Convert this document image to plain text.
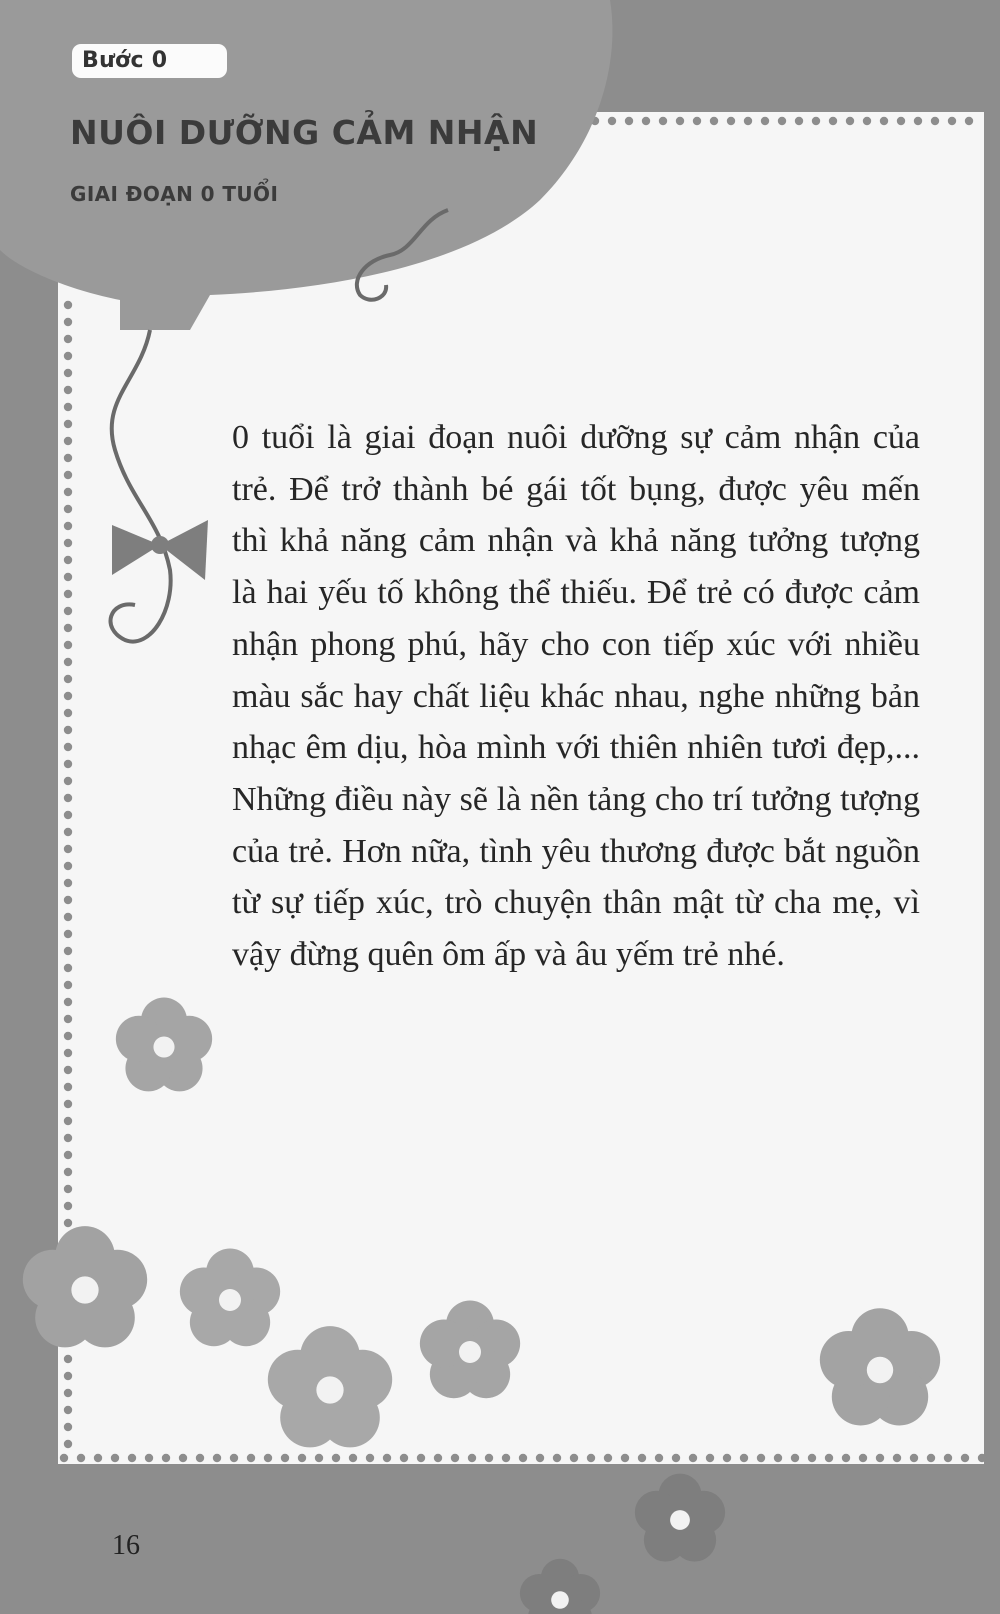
Bước 0
NUÔI DƯỠNG CẢM NHẬN
GIAI ĐOẠN 0 TUỔI

0 tuổi là giai đoạn nuôi dưỡng sự cảm nhận của trẻ. Để trở thành bé gái tốt bụng, được yêu mến thì khả năng cảm nhận và khả năng tưởng tượng là hai yếu tố không thể thiếu. Để trẻ có được cảm nhận phong phú, hãy cho con tiếp xúc với nhiều màu sắc hay chất liệu khác nhau, nghe những bản nhạc êm dịu, hòa mình với thiên nhiên tươi đẹp,... Những điều này sẽ là nền tảng cho trí tưởng tượng của trẻ. Hơn nữa, tình yêu thương được bắt nguồn từ sự tiếp xúc, trò chuyện thân mật từ cha mẹ, vì vậy đừng quên ôm ấp và âu yếm trẻ nhé.

16
